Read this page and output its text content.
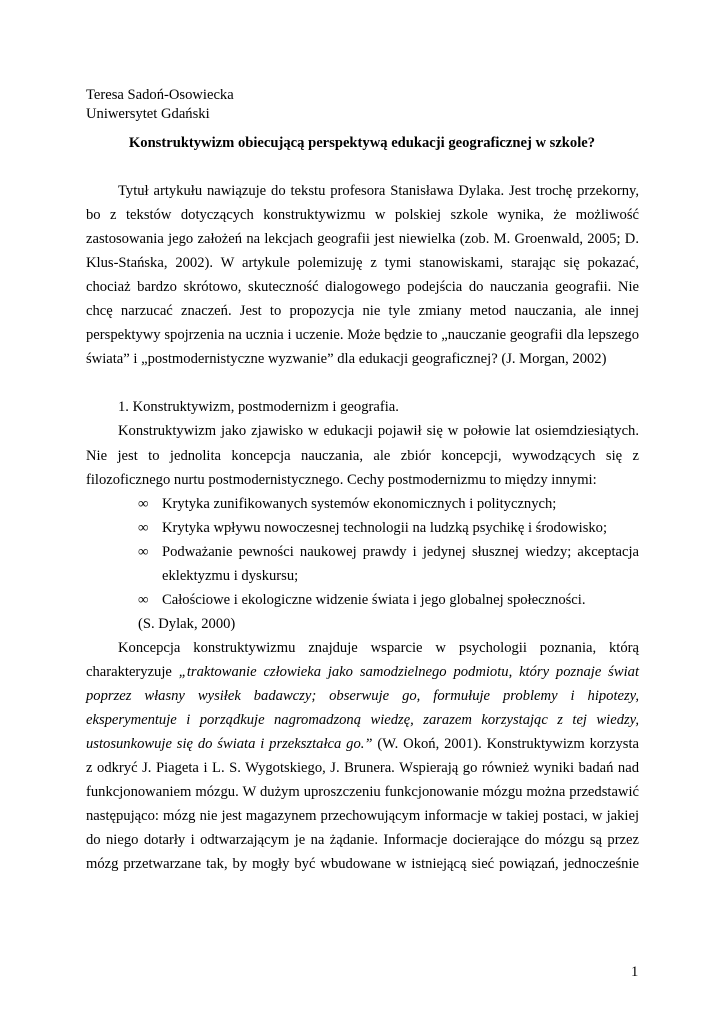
Teresa Sadoń-Osowiecka
Uniwersytet Gdański
Konstruktywizm obiecującą perspektywą edukacji geograficznej w szkole?
Tytuł artykułu nawiązuje do tekstu profesora Stanisława Dylaka. Jest trochę przekorny,
bo z tekstów dotyczących konstruktywizmu w polskiej szkole wynika, że możliwość
zastosowania jego założeń na lekcjach geografii jest niewielka (zob. M. Groenwald, 2005; D.
Klus-Stańska, 2002). W artykule polemizuję z tymi stanowiskami, starając się pokazać,
chociaż bardzo skrótowo, skuteczność dialogowego podejścia do nauczania geografii. Nie
chcę narzucać znaczeń. Jest to propozycja nie tyle zmiany metod nauczania, ale innej
perspektywy spojrzenia na ucznia i uczenie. Może będzie to „nauczanie geografii dla lepszego
świata” i „postmodernistyczne wyzwanie” dla edukacji geograficznej? (J. Morgan, 2002)
1. Konstruktywizm, postmodernizm i geografia.
Konstruktywizm jako zjawisko w edukacji pojawił się w połowie lat osiemdziesiątych.
Nie jest to jednolita koncepcja nauczania, ale zbiór koncepcji, wywodzących się z
filozoficznego nurtu postmodernistycznego. Cechy postmodernizmu to między innymi:
∞ Krytyka zunifikowanych systemów ekonomicznych i politycznych;
∞ Krytyka wpływu nowoczesnej technologii na ludzką psychikę i środowisko;
∞ Podważanie pewności naukowej prawdy i jedynej słusznej wiedzy; akceptacja
eklektyzmu i dyskursu;
∞ Całościowe i ekologiczne widzenie świata i jego globalnej społeczności.
(S. Dylak, 2000)
Koncepcja konstruktywizmu znajduje wsparcie w psychologii poznania, którą
charakteryzuje „traktowanie człowieka jako samodzielnego podmiotu, który poznaje świat
poprzez własny wysiłek badawczy; obserwuje go, formułuje problemy i hipotezy,
eksperymentuje i porządkuje nagromadzoną wiedzę, zarazem korzystając z tej wiedzy,
ustosunkowuje się do świata i przekształca go.” (W. Okoń, 2001). Konstruktywizm korzysta
z odkryć J. Piageta i L. S. Wygotskiego, J. Brunera. Wspierają go również wyniki badań nad
funkcjonowaniem mózgu. W dużym uproszczeniu funkcjonowanie mózgu można przedstawić
następująco: mózg nie jest magazynem przechowującym informacje w takiej postaci, w jakiej
do niego dotarły i odtwarzającym je na żądanie. Informacje docierające do mózgu są przez
mózg przetwarzane tak, by mogły być wbudowane w istniejącą sieć powiązań, jednocześnie
1
